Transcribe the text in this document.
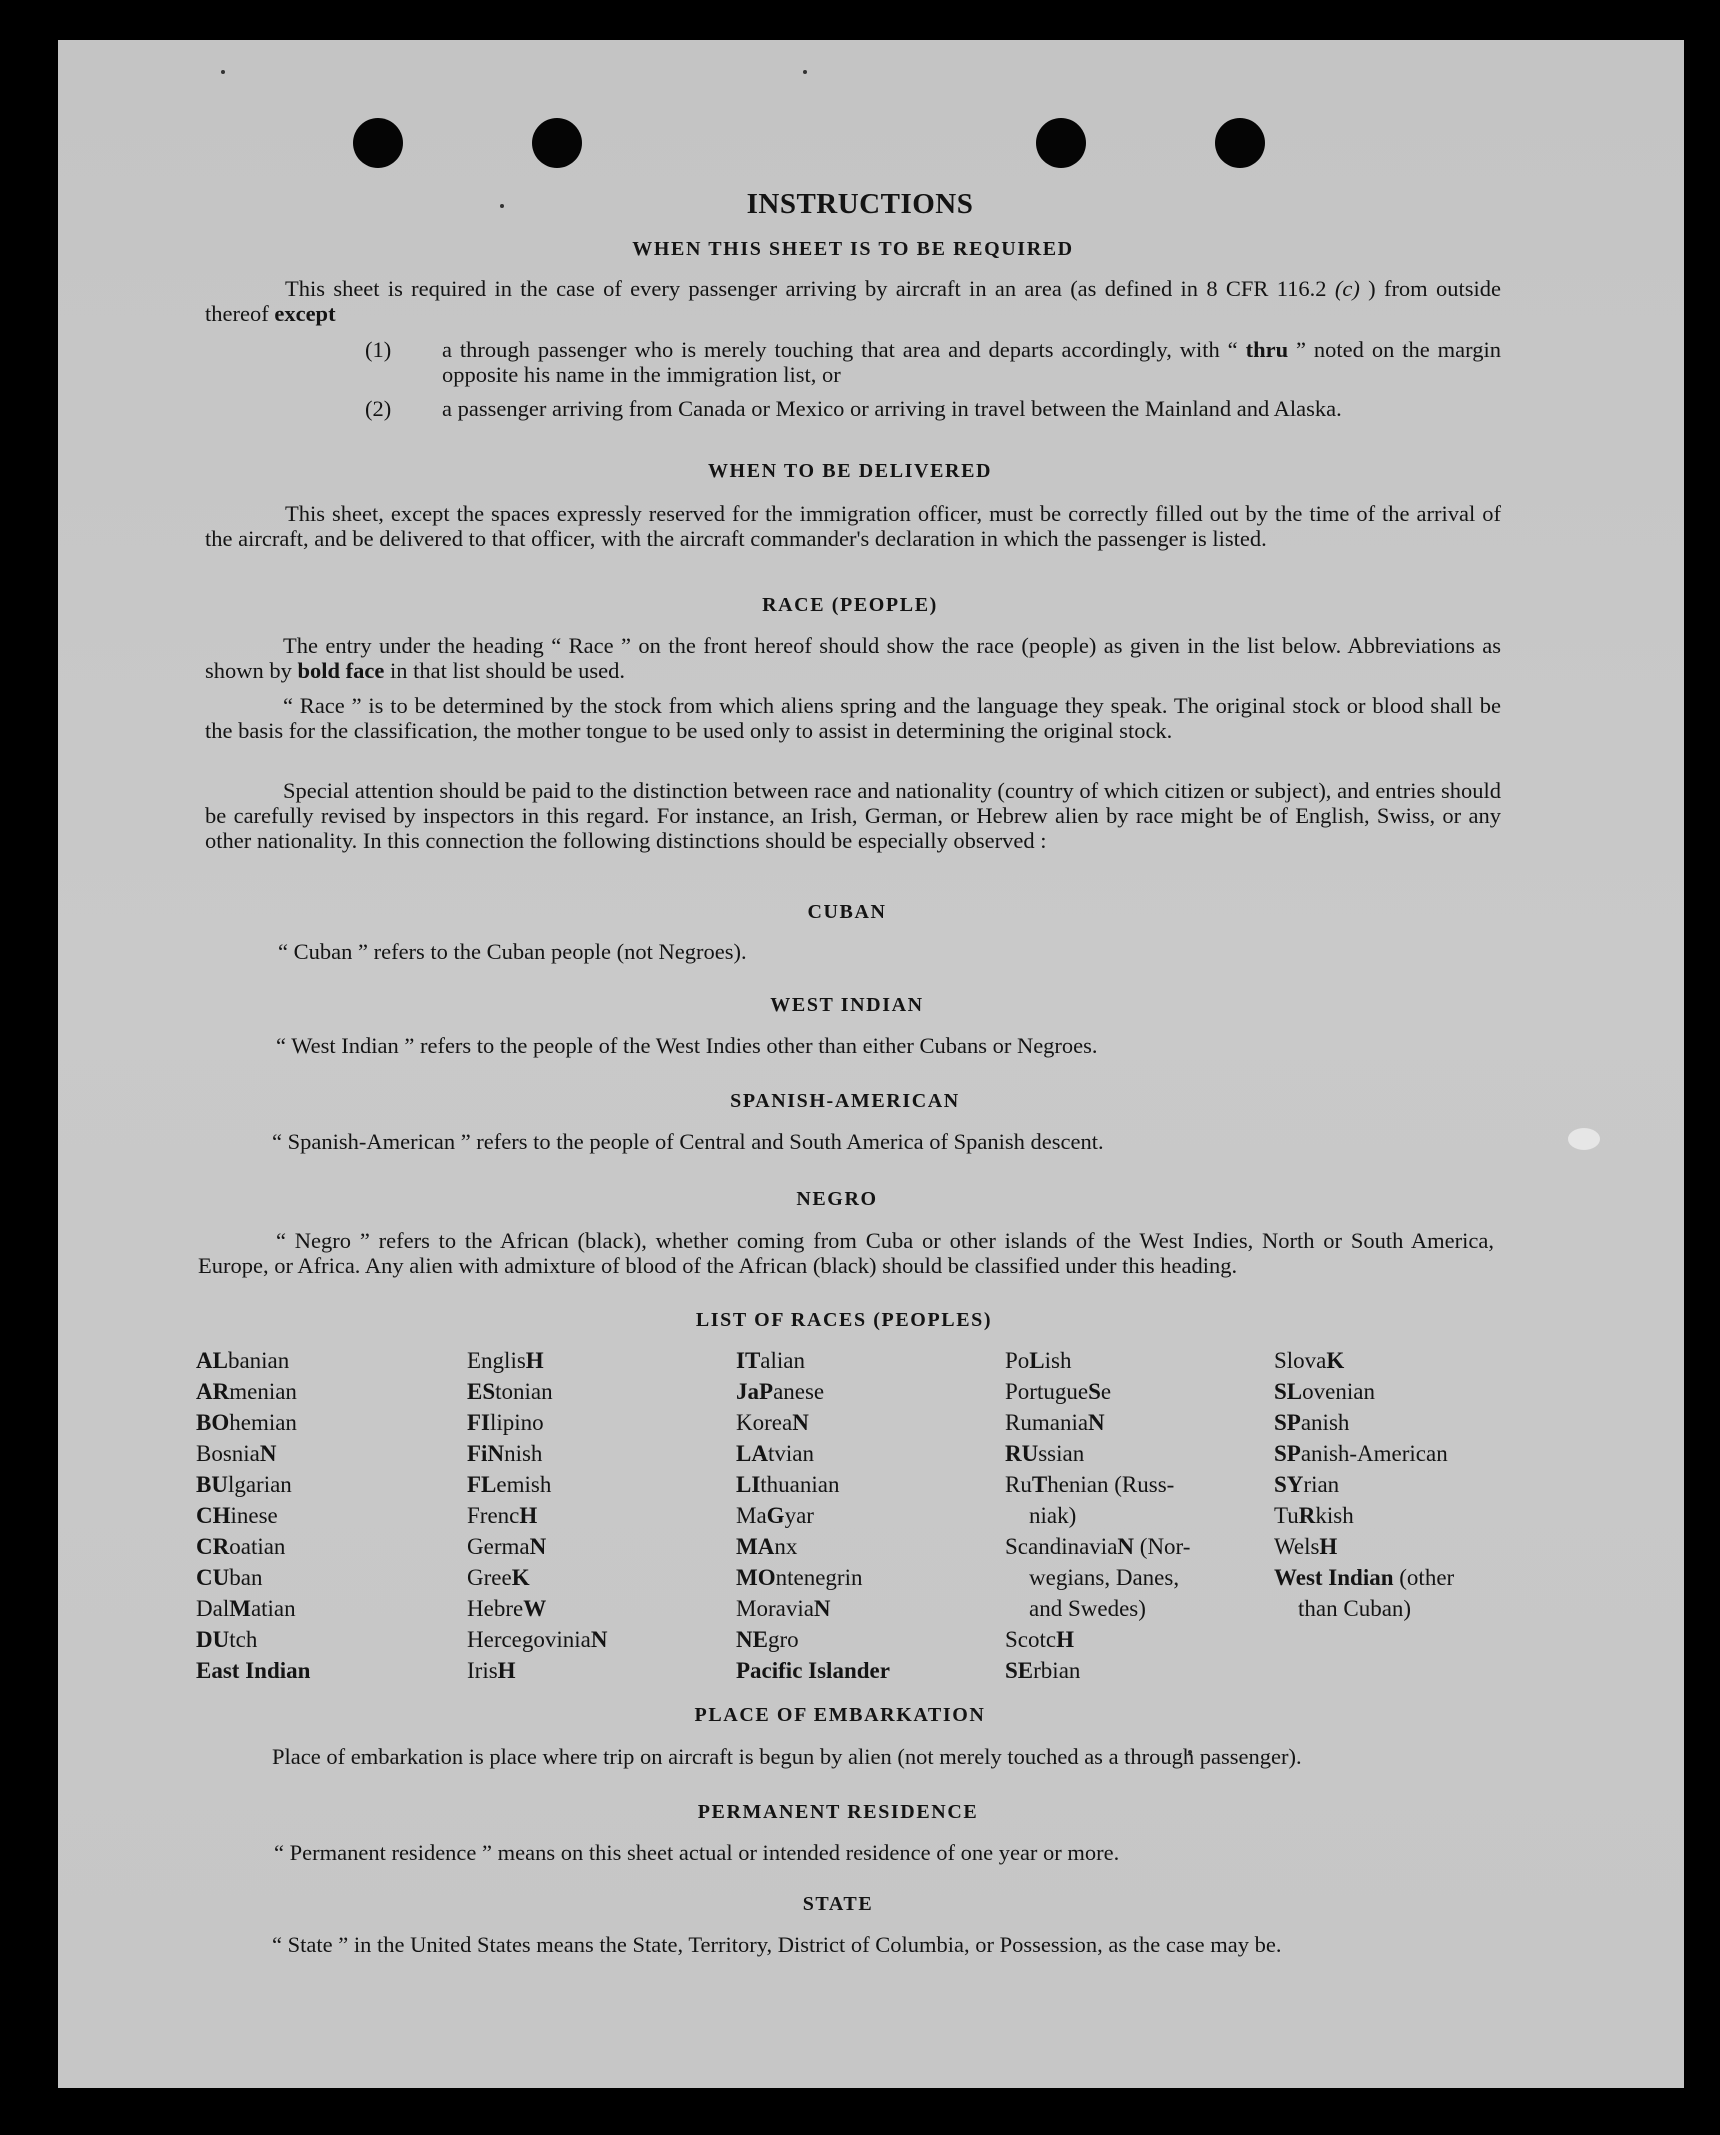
INSTRUCTIONS
WHEN THIS SHEET IS TO BE REQUIRED
This sheet is required in the case of every passenger arriving by aircraft in an area (as defined in 8 CFR 116.2 (c) ) from outside thereof except
(1)	a through passenger who is merely touching that area and departs accordingly, with “ thru ” noted on the margin opposite his name in the immigration list, or
(2)	a passenger arriving from Canada or Mexico or arriving in travel between the Mainland and Alaska.
WHEN TO BE DELIVERED
This sheet, except the spaces expressly reserved for the immigration officer, must be correctly filled out by the time of the arrival of the aircraft, and be delivered to that officer, with the aircraft commander's declaration in which the passenger is listed.
RACE (PEOPLE)
The entry under the heading “ Race ” on the front hereof should show the race (people) as given in the list below. Abbreviations as shown by bold face in that list should be used.
“ Race ” is to be determined by the stock from which aliens spring and the language they speak. The original stock or blood shall be the basis for the classification, the mother tongue to be used only to assist in determining the original stock.
Special attention should be paid to the distinction between race and nationality (country of which citizen or subject), and entries should be carefully revised by inspectors in this regard. For instance, an Irish, German, or Hebrew alien by race might be of English, Swiss, or any other nationality. In this connection the following distinctions should be especially observed :
CUBAN
“ Cuban ” refers to the Cuban people (not Negroes).
WEST INDIAN
“ West Indian ” refers to the people of the West Indies other than either Cubans or Negroes.
SPANISH-AMERICAN
“ Spanish-American ” refers to the people of Central and South America of Spanish descent.
NEGRO
“ Negro ” refers to the African (black), whether coming from Cuba or other islands of the West Indies, North or South America, Europe, or Africa. Any alien with admixture of blood of the African (black) should be classified under this heading.
LIST OF RACES (PEOPLES)
ALbanian
ARmenian
BOhemian
BosniaN
BUlgarian
CHinese
CRoatian
CUban
DalMatian
DUtch
East Indian
EnglisH
EStonian
FIlipino
FiNnish
FLemish
FrencH
GermaN
GreeK
HebreW
HercegoviniaN
IrisH
ITalian
JaPanese
KoreaN
LAtvian
LIthuanian
MaGyar
MAnx
MOntenegrin
MoraviaN
NEgro
Pacific Islander
PoLish
PortugueSe
RumaniaN
RUssian
RuThenian (Russ-
niak)
ScandinaviaN (Nor-
wegians, Danes,
and Swedes)
ScotcH
SErbian
SlovaK
SLovenian
SPanish
SPanish-American
SYrian
TuRkish
WelsH
West Indian (other
than Cuban)
PLACE OF EMBARKATION
Place of embarkation is place where trip on aircraft is begun by alien (not merely touched as a through passenger).
PERMANENT RESIDENCE
“ Permanent residence ” means on this sheet actual or intended residence of one year or more.
STATE
“ State ” in the United States means the State, Territory, District of Columbia, or Possession, as the case may be.
